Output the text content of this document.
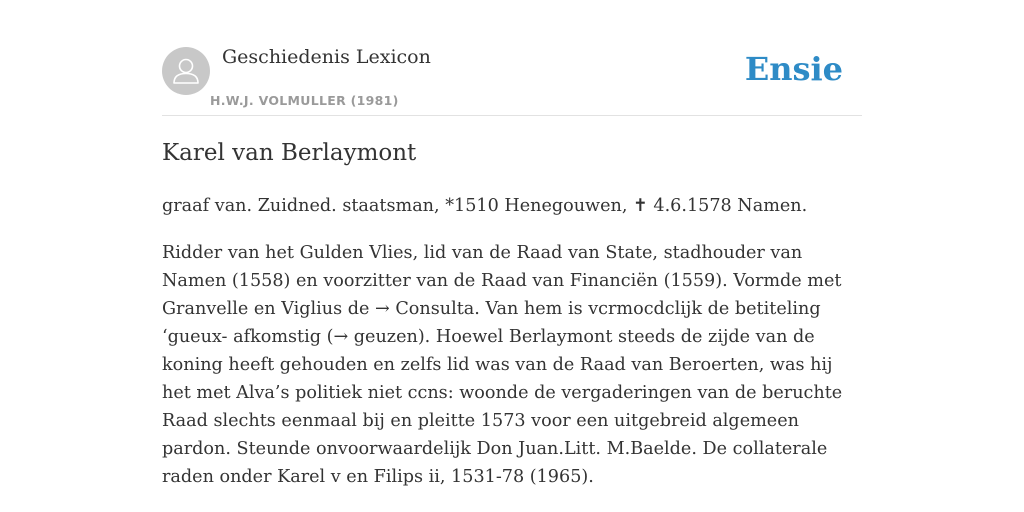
Geschiedenis Lexicon
H.W.J. VOLMULLER (1981)
Ensie
Karel van Berlaymont

graaf van. Zuidned. staatsman, *1510 Henegouwen, ✝ 4.6.1578 Namen.

Ridder van het Gulden Vlies, lid van de Raad van State, stadhouder van Namen (1558) en voorzitter van de Raad van Financiën (1559). Vormde met Granvelle en Viglius de → Consulta. Van hem is vcrmocdclijk de betiteling ‘gueux- afkomstig (→ geuzen). Hoewel Berlaymont steeds de zijde van de koning heeft gehouden en zelfs lid was van de Raad van Beroerten, was hij het met Alva’s politiek niet ccns: woonde de vergaderingen van de beruchte Raad slechts eenmaal bij en pleitte 1573 voor een uitgebreid algemeen pardon. Steunde onvoorwaardelijk Don Juan.Litt. M.Baelde. De collaterale raden onder Karel v en Filips ii, 1531-78 (1965).
